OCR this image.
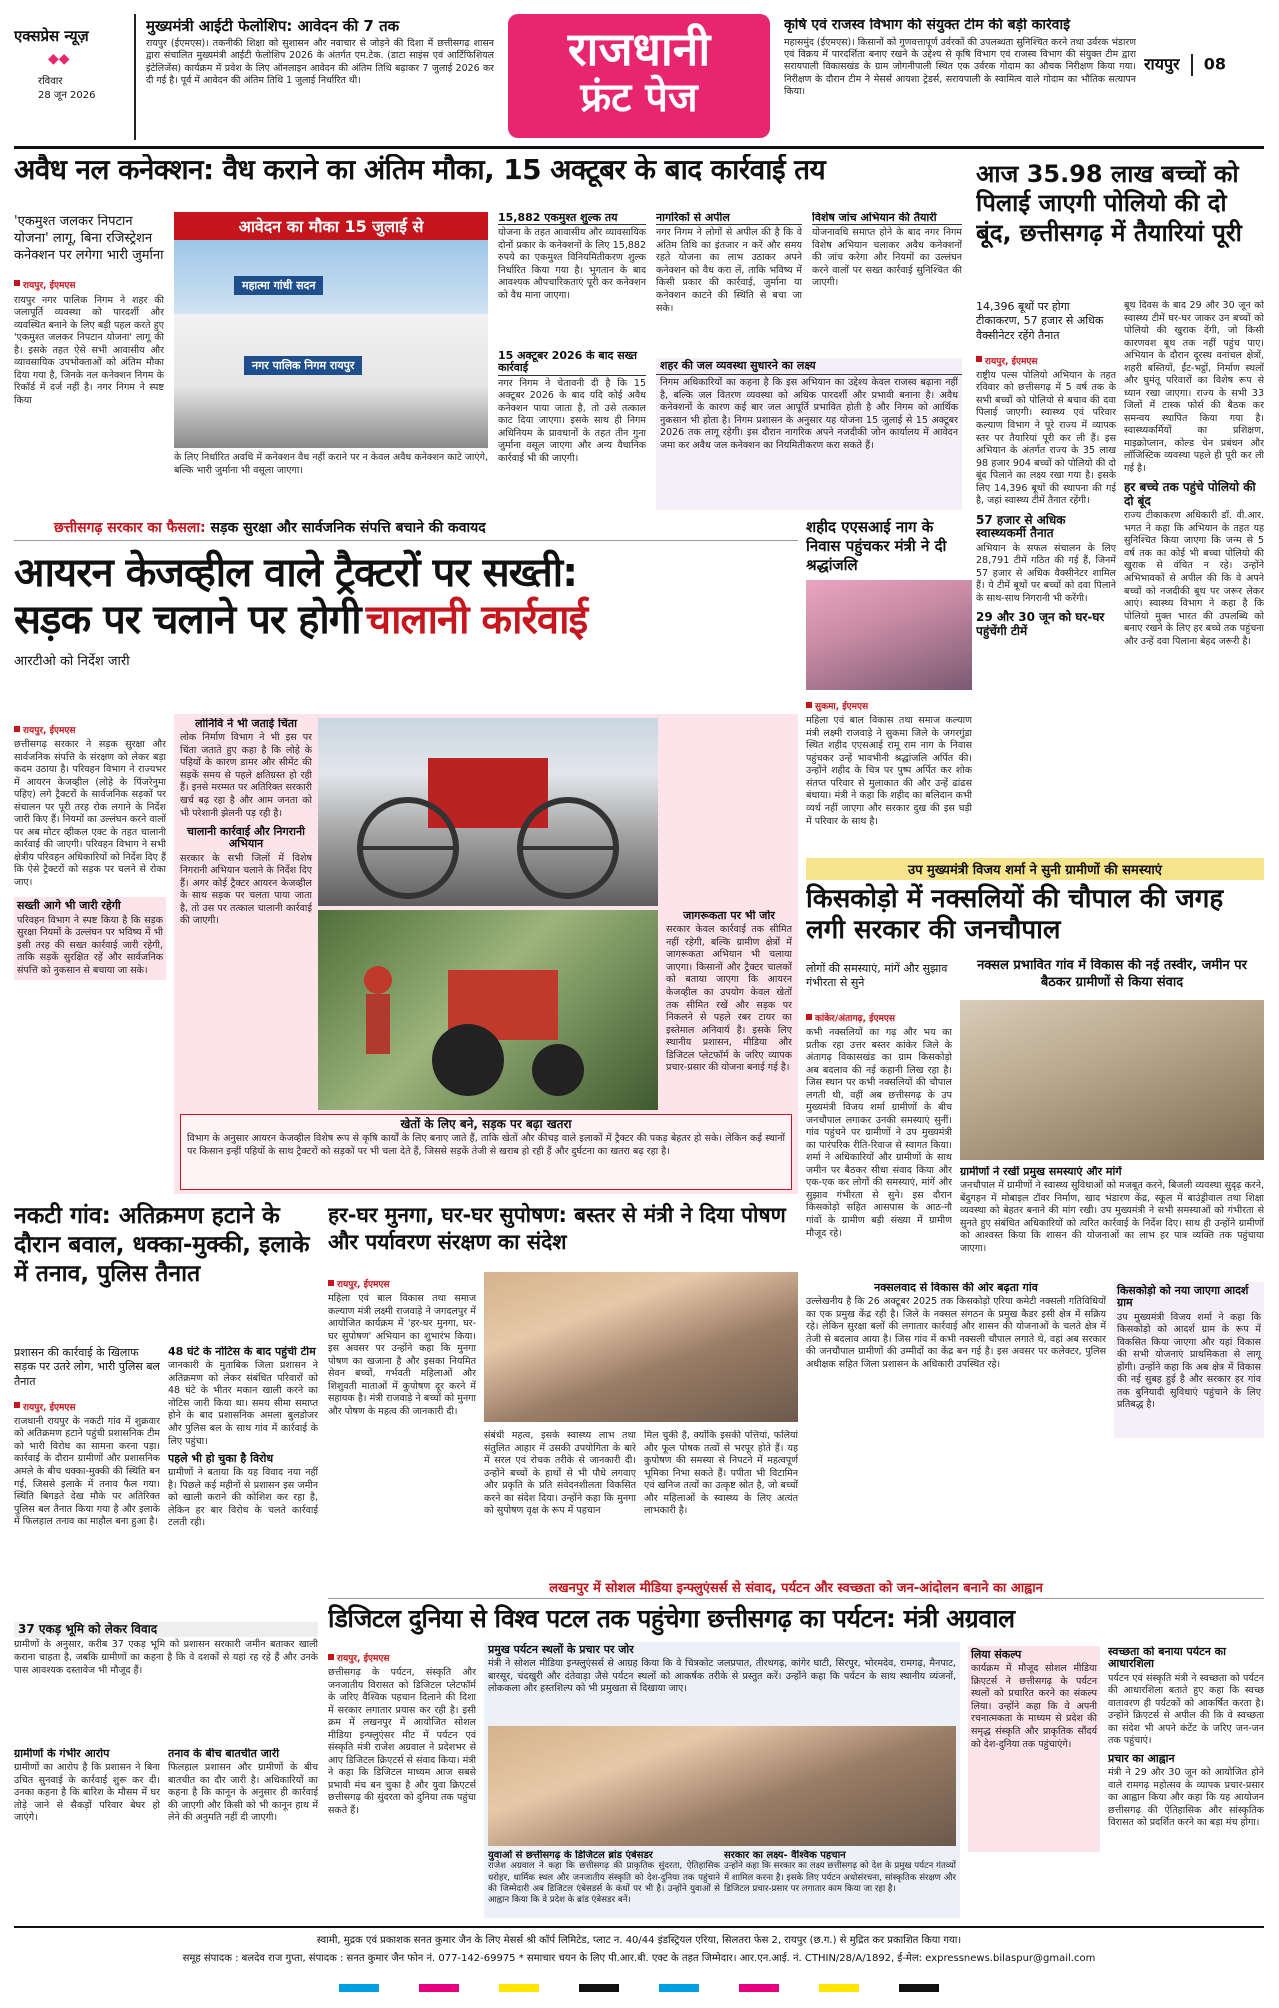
एक्सप्रेस न्यूज़
◆◆
रविवार
28 जून 2026
मुख्यमंत्री आईटी फेलोशिप: आवेदन की 7 तक
रायपुर (ईएमएस)। तकनीकी शिक्षा को सुशासन और नवाचार से जोड़ने की दिशा में छत्तीसगढ़ शासन द्वारा संचालित मुख्यमंत्री आईटी फेलोशिप 2026 के अंतर्गत एम.टेक. (डाटा साइंस एवं आर्टिफिशियल इंटेलिजेंस) कार्यक्रम में प्रवेश के लिए ऑनलाइन आवेदन की अंतिम तिथि बढ़ाकर 7 जुलाई 2026 कर दी गई है। पूर्व में आवेदन की अंतिम तिथि 1 जुलाई निर्धारित थी।
राजधानी
फ्रंट पेज
कृषि एवं राजस्व विभाग की संयुक्त टीम की बड़ी कार्रवाई
महासमुंद (ईएमएस)। किसानों को गुणवत्तापूर्ण उर्वरकों की उपलब्धता सुनिश्चित करने तथा उर्वरक भंडारण एवं विक्रय में पारदर्शिता बनाए रखने के उद्देश्य से कृषि विभाग एवं राजस्व विभाग की संयुक्त टीम द्वारा सरायपाली विकासखंड के ग्राम जोगनीपाली स्थित एक उर्वरक गोदाम का औचक निरीक्षण किया गया। निरीक्षण के दौरान टीम ने मेसर्स आयशा ट्रेडर्स, सरायपाली के स्वामित्व वाले गोदाम का भौतिक सत्यापन किया।
रायपुर 08
अवैध नल कनेक्शन: वैध कराने का अंतिम मौका, 15 अक्टूबर के बाद कार्रवाई तय
'एकमुश्त जलकर निपटान योजना' लागू, बिना रजिस्ट्रेशन कनेक्शन पर लगेगा भारी जुर्माना
रायपुर, ईएमएस
रायपुर नगर पालिक निगम ने शहर की जलापूर्ति व्यवस्था को पारदर्शी और व्यवस्थित बनाने के लिए बड़ी पहल करते हुए 'एकमुश्त जलकर निपटान योजना' लागू की है। इसके तहत ऐसे सभी आवासीय और व्यावसायिक उपभोक्ताओं को अंतिम मौका दिया गया है, जिनके नल कनेक्शन निगम के रिकॉर्ड में दर्ज नहीं है। नगर निगम ने स्पष्ट किया
आवेदन का मौका 15 जुलाई से
महात्मा गांधी सदन
नगर पालिक निगम रायपुर
के लिए निर्धारित अवधि में कनेक्शन वैध नहीं कराने पर न केवल अवैध कनेक्शन काटे जाएंगे, बल्कि भारी जुर्माना भी वसूला जाएगा।
15,882 एकमुश्त शुल्क तय
योजना के तहत आवासीय और व्यावसायिक दोनों प्रकार के कनेक्शनों के लिए 15,882 रुपये का एकमुश्त विनियमितीकरण शुल्क निर्धारित किया गया है। भुगतान के बाद आवश्यक औपचारिकताएं पूरी कर कनेक्शन को वैध माना जाएगा।
15 अक्टूबर 2026 के बाद सख्त कार्रवाई
नगर निगम ने चेतावनी दी है कि 15 अक्टूबर 2026 के बाद यदि कोई अवैध कनेक्शन पाया जाता है, तो उसे तत्काल काट दिया जाएगा। इसके साथ ही निगम अधिनियम के प्रावधानों के तहत तीन गुना जुर्माना वसूल जाएगा और अन्य वैधानिक कार्रवाई भी की जाएगी।
नागरिकों से अपील
नगर निगम ने लोगों से अपील की है कि वे अंतिम तिथि का इंतजार न करें और समय रहते योजना का लाभ उठाकर अपने कनेक्शन को वैध करा लें, ताकि भविष्य में किसी प्रकार की कार्रवाई, जुर्माना या कनेक्शन काटने की स्थिति से बचा जा सके।
विशेष जांच अभियान की तैयारी
योजनावधि समाप्त होने के बाद नगर निगम विशेष अभियान चलाकर अवैध कनेक्शनों की जांच करेगा और नियमों का उल्लंघन करने वालों पर सख्त कार्रवाई सुनिश्चित की जाएगी।
शहर की जल व्यवस्था सुधारने का लक्ष्य
निगम अधिकारियों का कहना है कि इस अभियान का उद्देश्य केवल राजस्व बढ़ाना नहीं है, बल्कि जल वितरण व्यवस्था को अधिक पारदर्शी और प्रभावी बनाना है। अवैध कनेक्शनों के कारण कई बार जल आपूर्ति प्रभावित होती है और निगम को आर्थिक नुकसान भी होता है। निगम प्रशासन के अनुसार यह योजना 15 जुलाई से 15 अक्टूबर 2026 तक लागू रहेगी। इस दौरान नागरिक अपने नजदीकी जोन कार्यालय में आवेदन जमा कर अवैध जल कनेक्शन का नियमितीकरण करा सकते हैं।
आज 35.98 लाख बच्चों को पिलाई जाएगी पोलियो की दो बूंद, छत्तीसगढ़ में तैयारियां पूरी
14,396 बूथों पर होगा टीकाकरण, 57 हजार से अधिक वैक्सीनेटर रहेंगे तैनात
रायपुर, ईएमएस
राष्ट्रीय पल्स पोलियो अभियान के तहत रविवार को छत्तीसगढ़ में 5 वर्ष तक के सभी बच्चों को पोलियो से बचाव की दवा पिलाई जाएगी। स्वास्थ्य एवं परिवार कल्याण विभाग ने पूरे राज्य में व्यापक स्तर पर तैयारियां पूरी कर ली हैं। इस अभियान के अंतर्गत राज्य के 35 लाख 98 हजार 904 बच्चों को पोलियो की दो बूंद पिलाने का लक्ष्य रखा गया है। इसके लिए 14,396 बूथों की स्थापना की गई है, जहां स्वास्थ्य टीमें तैनात रहेंगी।
57 हजार से अधिक स्वास्थ्यकर्मी तैनात
अभियान के सफल संचालन के लिए 28,791 टीमें गठित की गई हैं, जिनमें 57 हजार से अधिक वैक्सीनेटर शामिल हैं। ये टीमें बूथों पर बच्चों को दवा पिलाने के साथ-साथ निगरानी भी करेंगी।
29 और 30 जून को घर-घर पहुंचेंगी टीमें
बूथ दिवस के बाद 29 और 30 जून को स्वास्थ्य टीमें घर-घर जाकर उन बच्चों को पोलियो की खुराक देंगी, जो किसी कारणवश बूथ तक नहीं पहुंच पाए। अभियान के दौरान दूरस्थ वनांचल क्षेत्रों, शहरी बस्तियों, ईंट-भट्ठों, निर्माण स्थलों और घुमंतू परिवारों का विशेष रूप से ध्यान रखा जाएगा। राज्य के सभी 33 जिलों में टास्क फोर्स की बैठक कर समन्वय स्थापित किया गया है। स्वास्थ्यकर्मियों का प्रशिक्षण, माइक्रोप्लान, कोल्ड चेन प्रबंधन और लॉजिस्टिक व्यवस्था पहले ही पूरी कर ली गई है।
हर बच्चे तक पहुंचे पोलियो की दो बूंद
राज्य टीकाकरण अधिकारी डॉ. वी.आर. भगत ने कहा कि अभियान के तहत यह सुनिश्चित किया जाएगा कि जन्म से 5 वर्ष तक का कोई भी बच्चा पोलियो की खुराक से वंचित न रहे। उन्होंने अभिभावकों से अपील की कि वे अपने बच्चों को नजदीकी बूथ पर जरूर लेकर आएं। स्वास्थ्य विभाग ने कहा है कि पोलियो मुक्त भारत की उपलब्धि को बनाए रखने के लिए हर बच्चे तक पहुंचना और उन्हें दवा पिलाना बेहद जरूरी है।
छत्तीसगढ़ सरकार का फैसला: सड़क सुरक्षा और सार्वजनिक संपत्ति बचाने की कवायद
आयरन केजव्हील वाले ट्रैक्टरों पर सख्ती:
सड़क पर चलाने पर होगी चालानी कार्रवाई
आरटीओ को निर्देश जारी
रायपुर, ईएमएस
छत्तीसगढ़ सरकार ने सड़क सुरक्षा और सार्वजनिक संपत्ति के संरक्षण को लेकर बड़ा कदम उठाया है। परिवहन विभाग ने राज्यभर में आयरन केजव्हील (लोहे के पिंजरेनुमा पहिए) लगे ट्रैक्टरों के सार्वजनिक सड़कों पर संचालन पर पूरी तरह रोक लगाने के निर्देश जारी किए हैं। नियमों का उल्लंघन करने वालों पर अब मोटर व्हीकल एक्ट के तहत चालानी कार्रवाई की जाएगी। परिवहन विभाग ने सभी क्षेत्रीय परिवहन अधिकारियों को निर्देश दिए हैं कि ऐसे ट्रैक्टरों को सड़क पर चलने से रोका जाए।
सख्ती आगे भी जारी रहेगी
परिवहन विभाग ने स्पष्ट किया है कि सड़क सुरक्षा नियमों के उल्लंघन पर भविष्य में भी इसी तरह की सख्त कार्रवाई जारी रहेगी, ताकि सड़कें सुरक्षित रहें और सार्वजनिक संपत्ति को नुकसान से बचाया जा सके।
लोनिवि ने भी जताई चिंता
लोक निर्माण विभाग ने भी इस पर चिंता जताते हुए कहा है कि लोहे के पहियों के कारण डामर और सीमेंट की सड़कें समय से पहले क्षतिग्रस्त हो रही हैं। इनसे मरम्मत पर अतिरिक्त सरकारी खर्च बढ़ रहा है और आम जनता को भी परेशानी झेलनी पड़ रही है।
चालानी कार्रवाई और निगरानी अभियान
सरकार के सभी जिलों में विशेष निगरानी अभियान चलाने के निर्देश दिए हैं। अगर कोई ट्रैक्टर आयरन केजव्हील के साथ सड़क पर चलता पाया जाता है, तो उस पर तत्काल चालानी कार्रवाई की जाएगी।	जागरूकता पर भी जोर
सरकार केवल कार्रवाई तक सीमित नहीं रहेगी, बल्कि ग्रामीण क्षेत्रों में जागरूकता अभियान भी चलाया जाएगा। किसानों और ट्रैक्टर चालकों को बताया जाएगा कि आयरन केजव्हील का उपयोग केवल खेतों तक सीमित रखें और सड़क पर निकलने से पहले रबर टायर का इस्तेमाल अनिवार्य है। इसके लिए स्थानीय प्रशासन, मीडिया और डिजिटल प्लेटफॉर्म के जरिए व्यापक प्रचार-प्रसार की योजना बनाई गई है।
खेतों के लिए बने, सड़क पर बढ़ा खतरा
विभाग के अनुसार आयरन केजव्हील विशेष रूप से कृषि कार्यों के लिए बनाए जाते हैं, ताकि खेतों और कीचड़ वाले इलाकों में ट्रैक्टर की पकड़ बेहतर हो सके। लेकिन कई स्थानों पर किसान इन्हीं पहियों के साथ ट्रैक्टरों को सड़कों पर भी चला देते हैं, जिससे सड़कें तेजी से खराब हो रही हैं और दुर्घटना का खतरा बढ़ रहा है।
शहीद एएसआई नाग के निवास पहुंचकर मंत्री ने दी श्रद्धांजलि
सुकमा, ईएमएस
महिला एवं बाल विकास तथा समाज कल्याण मंत्री लक्ष्मी राजवाड़े ने सुकमा जिले के जगरगुंडा स्थित शहीद एएसआई रामू राम नाग के निवास पहुंचकर उन्हें भावभीनी श्रद्धांजलि अर्पित की। उन्होंने शहीद के चित्र पर पुष्प अर्पित कर शोक संतप्त परिवार से मुलाकात की और उन्हें ढांढस बंधाया। मंत्री ने कहा कि शहीद का बलिदान कभी व्यर्थ नहीं जाएगा और सरकार दुख की इस घड़ी में परिवार के साथ है।
उप मुख्यमंत्री विजय शर्मा ने सुनी ग्रामीणों की समस्याएं
किसकोड़ो में नक्सलियों की चौपाल की जगह लगी सरकार की जनचौपाल
लोगों की समस्याएं, मांगें और सुझाव गंभीरता से सुने
नक्सल प्रभावित गांव में विकास की नई तस्वीर, जमीन पर बैठकर ग्रामीणों से किया संवाद
कांकेर/अंतागढ़, ईएमएस
कभी नक्सलियों का गढ़ और भय का प्रतीक रहा उत्तर बस्तर कांकेर जिले के अंतागढ़ विकासखंड का ग्राम किसकोड़ो अब बदलाव की नई कहानी लिख रहा है। जिस स्थान पर कभी नक्सलियों की चौपाल लगती थी, वहीं अब छत्तीसगढ़ के उप मुख्यमंत्री विजय शर्मा ग्रामीणों के बीच जनचौपाल लगाकर उनकी समस्याएं सुनीं। गांव पहुंचने पर ग्रामीणों ने उप मुख्यमंत्री का पारंपरिक रीति-रिवाज से स्वागत किया। शर्मा ने अधिकारियों और ग्रामीणों के साथ जमीन पर बैठकर सीधा संवाद किया और एक-एक कर लोगों की समस्याएं, मांगें और सुझाव गंभीरता से सुने। इस दौरान किसकोड़ो सहित आसपास के आठ-नौ गांवों के ग्रामीण बड़ी संख्या में ग्रामीण मौजूद रहे।
ग्रामीणों ने रखीं प्रमुख समस्याएं और मांगें
जनचौपाल में ग्रामीणों ने स्वास्थ्य सुविधाओं को मजबूत करने, बिजली व्यवस्था सुदृढ़ करने, बेंदुगहन में मोबाइल टॉवर निर्माण, खाद भंडारण केंद्र, स्कूल में बाउंड्रीवाल तथा शिक्षा व्यवस्था को बेहतर बनाने की मांग रखी। उप मुख्यमंत्री ने सभी समस्याओं को गंभीरता से सुनते हुए संबंधित अधिकारियों को त्वरित कार्रवाई के निर्देश दिए। साथ ही उन्होंने ग्रामीणों को आश्वस्त किया कि शासन की योजनाओं का लाभ हर पात्र व्यक्ति तक पहुंचाया जाएगा।
नक्सलवाद से विकास की ओर बढ़ता गांव
उल्लेखनीय है कि 26 अक्टूबर 2025 तक किसकोड़ो एरिया कमेटी नक्सली गतिविधियों का एक प्रमुख केंद्र रही है। जिले के नक्सल संगठन के प्रमुख कैडर इसी क्षेत्र में सक्रिय रहे। लेकिन सुरक्षा बलों की लगातार कार्रवाई और शासन की योजनाओं के चलते क्षेत्र में तेजी से बदलाव आया है। जिस गांव में कभी नक्सली चौपाल लगाते थे, वहां अब सरकार की जनचौपाल ग्रामीणों की उम्मीदों का केंद्र बन गई है। इस अवसर पर कलेक्टर, पुलिस अधीक्षक सहित जिला प्रशासन के अधिकारी उपस्थित रहे।
किसकोड़ो को नया जाएगा आदर्श ग्राम
उप मुख्यमंत्री विजय शर्मा ने कहा कि किसकोड़ो को आदर्श ग्राम के रूप में विकसित किया जाएगा और यहां विकास की सभी योजनाएं प्राथमिकता से लागू होंगी। उन्होंने कहा कि अब क्षेत्र में विकास की नई सुबह हुई है और सरकार हर गांव तक बुनियादी सुविधाएं पहुंचाने के लिए प्रतिबद्ध है।
नकटी गांव: अतिक्रमण हटाने के दौरान बवाल, धक्का-मुक्की, इलाके में तनाव, पुलिस तैनात
प्रशासन की कार्रवाई के खिलाफ सड़क पर उतरे लोग, भारी पुलिस बल तैनात
रायपुर, ईएमएस
राजधानी रायपुर के नकटी गांव में शुक्रवार को अतिक्रमण हटाने पहुंची प्रशासनिक टीम को भारी विरोध का सामना करना पड़ा। कार्रवाई के दौरान ग्रामीणों और प्रशासनिक अमले के बीच धक्का-मुक्की की स्थिति बन गई, जिससे इलाके में तनाव फैल गया। स्थिति बिगड़ते देख मौके पर अतिरिक्त पुलिस बल तैनात किया गया है और इलाके में फिलहाल तनाव का माहौल बना हुआ है।
48 घंटे के नोटिस के बाद पहुंची टीम
जानकारी के मुताबिक जिला प्रशासन ने अतिक्रमण को लेकर संबंधित परिवारों को 48 घंटे के भीतर मकान खाली करने का नोटिस जारी किया था। समय सीमा समाप्त होने के बाद प्रशासनिक अमला बुलडोजर और पुलिस बल के साथ गांव में कार्रवाई के लिए पहुंचा।
पहले भी हो चुका है विरोध
ग्रामीणों ने बताया कि यह विवाद नया नहीं है। पिछले कई महीनों से प्रशासन इस जमीन को खाली कराने की कोशिश कर रहा है, लेकिन हर बार विरोध के चलते कार्रवाई टलती रही।
37 एकड़ भूमि को लेकर विवाद
ग्रामीणों के अनुसार, करीब 37 एकड़ भूमि को प्रशासन सरकारी जमीन बताकर खाली कराना चाहता है, जबकि ग्रामीणों का कहना है कि वे दशकों से यहां रह रहे हैं और उनके पास आवश्यक दस्तावेज भी मौजूद हैं।
ग्रामीणों के गंभीर आरोप
ग्रामीणों का आरोप है कि प्रशासन ने बिना उचित सुनवाई के कार्रवाई शुरू कर दी। उनका कहना है कि बारिश के मौसम में घर तोड़े जाने से सैकड़ों परिवार बेघर हो जाएंगे।
तनाव के बीच बातचीत जारी
फिलहाल प्रशासन और ग्रामीणों के बीच बातचीत का दौर जारी है। अधिकारियों का कहना है कि कानून के अनुसार ही कार्रवाई की जाएगी और किसी को भी कानून हाथ में लेने की अनुमति नहीं दी जाएगी।
हर-घर मुनगा, घर-घर सुपोषण: बस्तर से मंत्री ने दिया पोषण और पर्यावरण संरक्षण का संदेश
रायपुर, ईएमएस
महिला एवं बाल विकास तथा समाज कल्याण मंत्री लक्ष्मी राजवाड़े ने जगदलपुर में आयोजित कार्यक्रम में 'हर-घर मुनगा, घर-घर सुपोषण' अभियान का शुभारंभ किया। इस अवसर पर उन्होंने कहा कि मुनगा पोषण का खजाना है और इसका नियमित सेवन बच्चों, गर्भवती महिलाओं और शिशुवती माताओं में कुपोषण दूर करने में सहायक है। मंत्री राजवाड़े ने बच्चों को मुनगा और पोषण के महत्व की जानकारी दी।
संबंधी महत्व, इसके स्वास्थ्य लाभ तथा संतुलित आहार में उसकी उपयोगिता के बारे में सरल एवं रोचक तरीके से जानकारी दी। उन्होंने बच्चों के हाथों से भी पौधे लगवाए और प्रकृति के प्रति संवेदनशीलता विकसित करने का संदेश दिया। उन्होंने कहा कि मुनगा को सुपोषण वृक्ष के रूप में पहचान
मिल चुकी है, क्योंकि इसकी पत्तियां, फलियां और फूल पोषक तत्वों से भरपूर होते हैं। यह कुपोषण की समस्या से निपटने में महत्वपूर्ण भूमिका निभा सकते हैं। पपीता भी विटामिन एवं खनिज तत्वों का उत्कृष्ट स्रोत है, जो बच्चों और महिलाओं के स्वास्थ्य के लिए अत्यंत लाभकारी है।
लखनपुर में सोशल मीडिया इन्फ्लुएंसर्स से संवाद, पर्यटन और स्वच्छता को जन-आंदोलन बनाने का आह्वान
डिजिटल दुनिया से विश्व पटल तक पहुंचेगा छत्तीसगढ़ का पर्यटन: मंत्री अग्रवाल
रायपुर, ईएमएस
छत्तीसगढ़ के पर्यटन, संस्कृति और जनजातीय विरासत को डिजिटल प्लेटफॉर्म के जरिए वैश्विक पहचान दिलाने की दिशा में सरकार लगातार प्रयास कर रही है। इसी क्रम में लखनपुर में आयोजित सोशल मीडिया इन्फ्लुएंसर मीट में पर्यटन एवं संस्कृति मंत्री राजेश अग्रवाल ने प्रदेशभर से आए डिजिटल क्रिएटर्स से संवाद किया। मंत्री ने कहा कि डिजिटल माध्यम आज सबसे प्रभावी मंच बन चुका है और युवा क्रिएटर्स छत्तीसगढ़ की सुंदरता को दुनिया तक पहुंचा सकते हैं।
प्रमुख पर्यटन स्थलों के प्रचार पर जोर
मंत्री ने सोशल मीडिया इन्फ्लुएंसर्स से आग्रह किया कि वे चित्रकोट जलप्रपात, तीरथगढ़, कांगेर घाटी, सिरपुर, भोरमदेव, रामगढ़, मैनपाट, बारसूर, चंदखुरी और दंतेवाड़ा जैसे पर्यटन स्थलों को आकर्षक तरीके से प्रस्तुत करें। उन्होंने कहा कि पर्यटन के साथ स्थानीय व्यंजनों, लोककला और हस्तशिल्प को भी प्रमुखता से दिखाया जाए।
युवाओं से छत्तीसगढ़ के डिजिटल ब्रांड एंबेसडर
राजेश अग्रवाल ने कहा कि छत्तीसगढ़ की प्राकृतिक सुंदरता, ऐतिहासिक धरोहर, धार्मिक स्थल और जनजातीय संस्कृति को देश-दुनिया तक पहुंचाने की जिम्मेदारी अब डिजिटल एंबेसडर्स के कंधों पर भी है। उन्होंने युवाओं से आह्वान किया कि वे प्रदेश के ब्रांड एंबेसडर बनें।
सरकार का लक्ष्य- वैश्विक पहचान
उन्होंने कहा कि सरकार का लक्ष्य छत्तीसगढ़ को देश के प्रमुख पर्यटन गंतव्यों में शामिल करना है। इसके लिए पर्यटन अधोसंरचना, सांस्कृतिक संरक्षण और डिजिटल प्रचार-प्रसार पर लगातार काम किया जा रहा है।
लिया संकल्प
कार्यक्रम में मौजूद सोशल मीडिया क्रिएटर्स ने छत्तीसगढ़ के पर्यटन स्थलों को प्रचारित करने का संकल्प लिया। उन्होंने कहा कि वे अपनी रचनात्मकता के माध्यम से प्रदेश की समृद्ध संस्कृति और प्राकृतिक सौंदर्य को देश-दुनिया तक पहुंचाएंगे।
स्वच्छता को बनाया पर्यटन का आधारशिला
पर्यटन एवं संस्कृति मंत्री ने स्वच्छता को पर्यटन की आधारशिला बताते हुए कहा कि स्वच्छ वातावरण ही पर्यटकों को आकर्षित करता है। उन्होंने क्रिएटर्स से अपील की कि वे स्वच्छता का संदेश भी अपने कंटेंट के जरिए जन-जन तक पहुंचाएं।
प्रचार का आह्वान
मंत्री ने 29 और 30 जून को आयोजित होने वाले रामगढ़ महोत्सव के व्यापक प्रचार-प्रसार का आह्वान किया और कहा कि यह आयोजन छत्तीसगढ़ की ऐतिहासिक और सांस्कृतिक विरासत को प्रदर्शित करने का बड़ा मंच होगा।
स्वामी, मुद्रक एवं प्रकाशक सनत कुमार जैन के लिए मेसर्स श्री कॉर्प लिमिटेड, प्लाट न. 40/44 इंडस्ट्रियल एरिया, सिलतरा फेस 2, रायपुर (छ.ग.) से मुद्रित कर प्रकाशित किया गया।
समूह संपादक : बलदेव राज गुप्ता, संपादक : सनत कुमार जैन फोन नं. 077-142-69975 * समाचार चयन के लिए पी.आर.बी. एक्ट के तहत जिम्मेदार। आर.एन.आई. नं. CTHIN/28/A/1892, ई-मेल: expressnews.bilaspur@gmail.com
